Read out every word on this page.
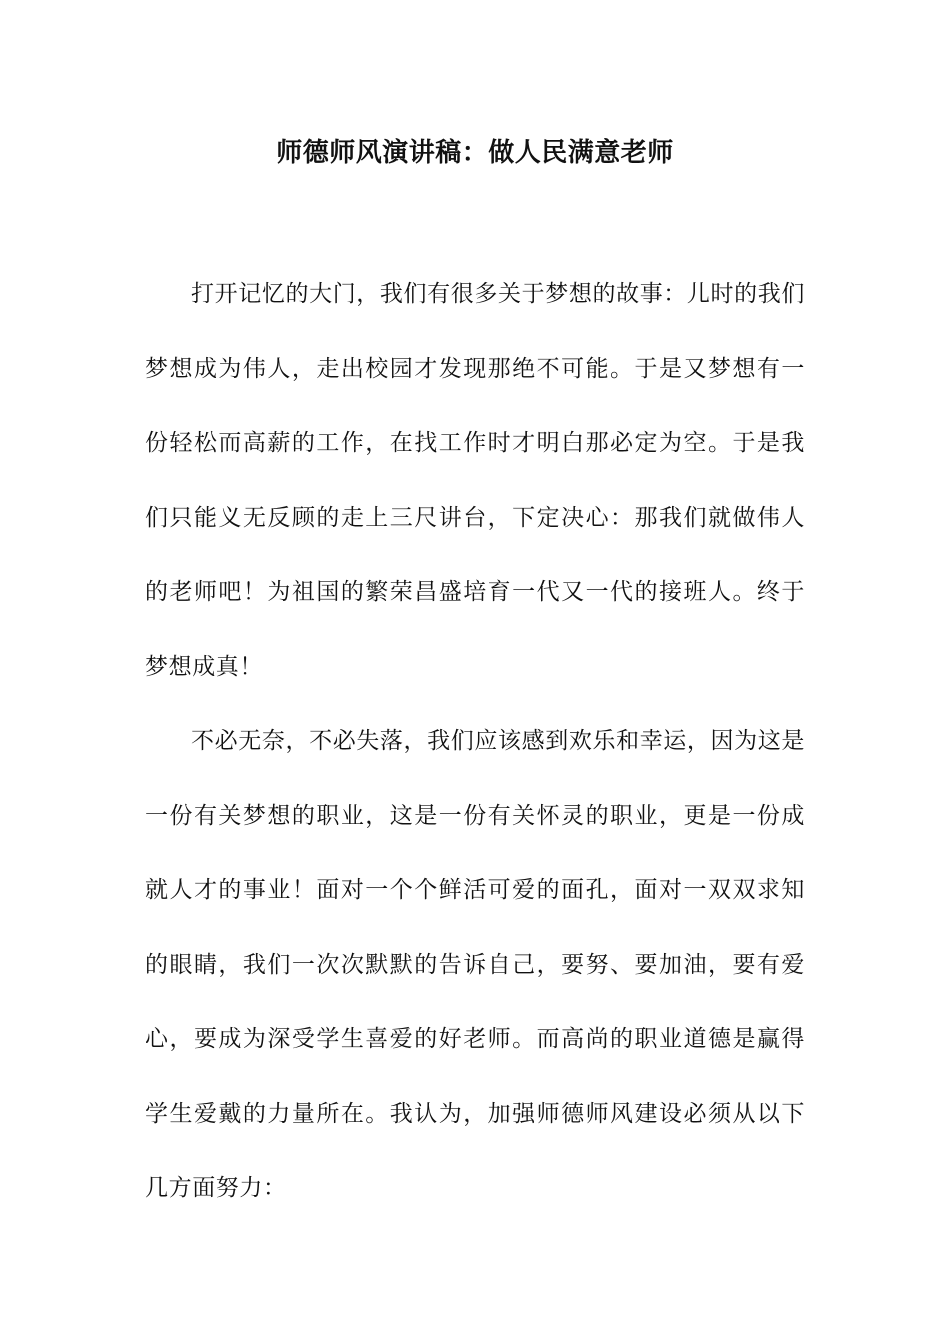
师德师风演讲稿：做人民满意老师

打开记忆的大门，我们有很多关于梦想的故事：儿时的我们梦想成为伟人，走出校园才发现那绝不可能。于是又梦想有一份轻松而高薪的工作，在找工作时才明白那必定为空。于是我们只能义无反顾的走上三尺讲台，下定决心：那我们就做伟人的老师吧！为祖国的繁荣昌盛培育一代又一代的接班人。终于梦想成真！

不必无奈，不必失落，我们应该感到欢乐和幸运，因为这是一份有关梦想的职业，这是一份有关怀灵的职业，更是一份成就人才的事业！面对一个个鲜活可爱的面孔，面对一双双求知的眼睛，我们一次次默默的告诉自己，要努、要加油，要有爱心，要成为深受学生喜爱的好老师。而高尚的职业道德是赢得学生爱戴的力量所在。我认为，加强师德师风建设必须从以下几方面努力：
